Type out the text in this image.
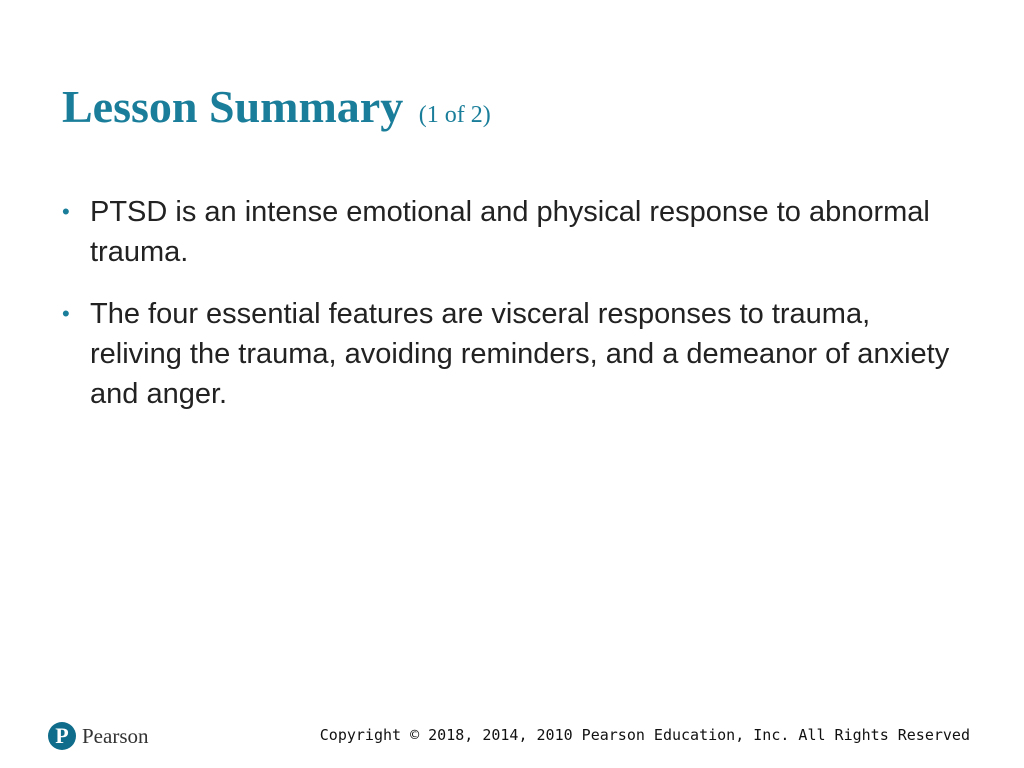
Lesson Summary (1 of 2)
• PTSD is an intense emotional and physical response to abnormal trauma.
• The four essential features are visceral responses to trauma, reliving the trauma, avoiding reminders, and a demeanor of anxiety and anger.
P Pearson	Copyright © 2018, 2014, 2010 Pearson Education, Inc. All Rights Reserved
